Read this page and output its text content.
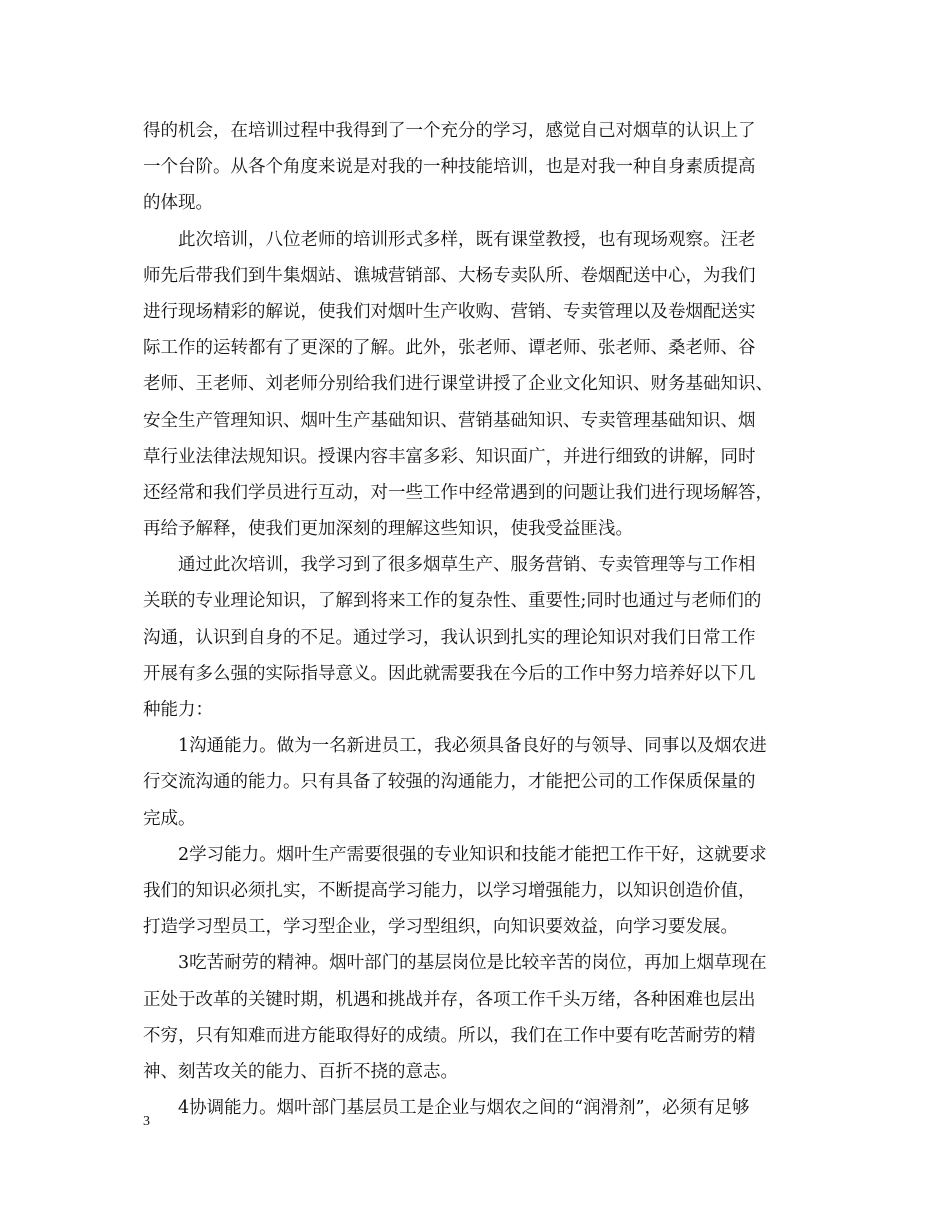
得的机会，在培训过程中我得到了一个充分的学习，感觉自己对烟草的认识上了
一个台阶。从各个角度来说是对我的一种技能培训，也是对我一种自身素质提高
的体现。
此次培训，八位老师的培训形式多样，既有课堂教授，也有现场观察。汪老
师先后带我们到牛集烟站、谯城营销部、大杨专卖队所、卷烟配送中心，为我们
进行现场精彩的解说，使我们对烟叶生产收购、营销、专卖管理以及卷烟配送实
际工作的运转都有了更深的了解。此外，张老师、谭老师、张老师、桑老师、谷
老师、王老师、刘老师分别给我们进行课堂讲授了企业文化知识、财务基础知识、
安全生产管理知识、烟叶生产基础知识、营销基础知识、专卖管理基础知识、烟
草行业法律法规知识。授课内容丰富多彩、知识面广，并进行细致的讲解，同时
还经常和我们学员进行互动，对一些工作中经常遇到的问题让我们进行现场解答，
再给予解释，使我们更加深刻的理解这些知识，使我受益匪浅。
通过此次培训，我学习到了很多烟草生产、服务营销、专卖管理等与工作相
关联的专业理论知识，了解到将来工作的复杂性、重要性;同时也通过与老师们的
沟通，认识到自身的不足。通过学习，我认识到扎实的理论知识对我们日常工作
开展有多么强的实际指导意义。因此就需要我在今后的工作中努力培养好以下几
种能力：
1沟通能力。做为一名新进员工，我必须具备良好的与领导、同事以及烟农进
行交流沟通的能力。只有具备了较强的沟通能力，才能把公司的工作保质保量的
完成。
2学习能力。烟叶生产需要很强的专业知识和技能才能把工作干好，这就要求
我们的知识必须扎实，不断提高学习能力，以学习增强能力，以知识创造价值，
打造学习型员工，学习型企业，学习型组织，向知识要效益，向学习要发展。
3吃苦耐劳的精神。烟叶部门的基层岗位是比较辛苦的岗位，再加上烟草现在
正处于改革的关键时期，机遇和挑战并存，各项工作千头万绪，各种困难也层出
不穷，只有知难而进方能取得好的成绩。所以，我们在工作中要有吃苦耐劳的精
神、刻苦攻关的能力、百折不挠的意志。
4协调能力。烟叶部门基层员工是企业与烟农之间的“润滑剂”，必须有足够
3
